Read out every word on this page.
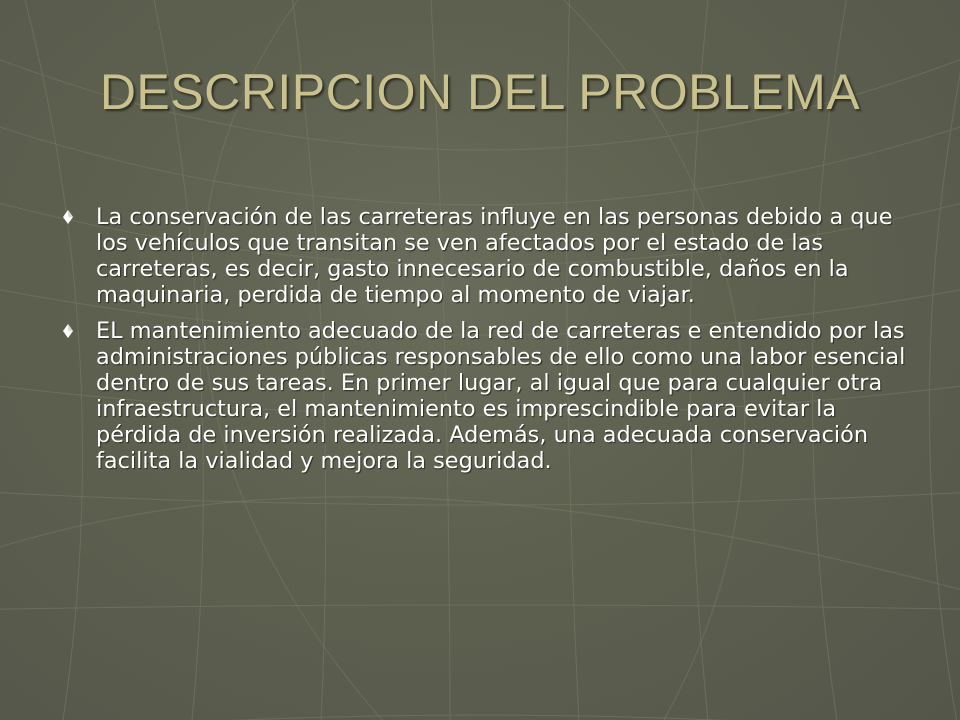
DESCRIPCION DEL PROBLEMA
La conservación de las carreteras influye en las personas debido a que los vehículos que transitan se ven afectados por el estado de las carreteras, es decir, gasto innecesario de combustible, daños en la maquinaria, perdida de tiempo al momento de viajar.
EL mantenimiento adecuado de la red de carreteras e entendido por las administraciones públicas responsables de ello como una labor esencial dentro de sus tareas. En primer lugar, al igual que para cualquier otra infraestructura, el mantenimiento es imprescindible para evitar la pérdida de inversión realizada. Además, una adecuada conservación facilita la vialidad y mejora la seguridad.
